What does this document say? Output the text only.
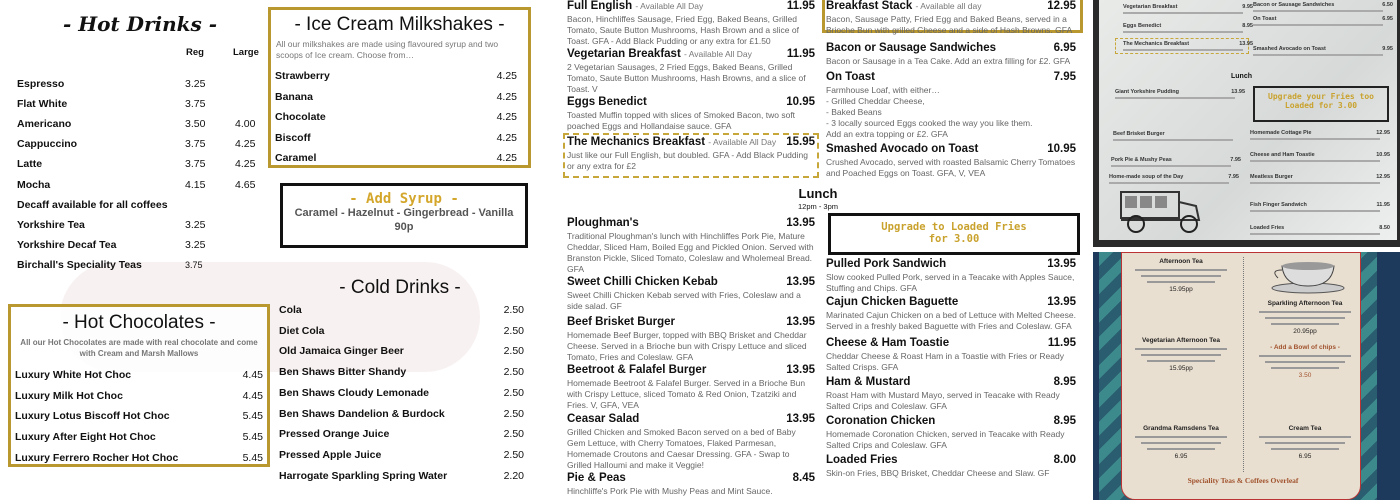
- Hot Drinks -
Reg	Large
- Ice Cream Milkshakes -
All our milkshakes are made using flavoured syrup and two scoops of Ice cream. Choose from…
Strawberry	4.25
Banana	4.25
Chocolate	4.25
Biscoff	4.25
Caramel	4.25
- Add Syrup -
Caramel - Hazelnut - Gingerbread - Vanilla
90p
- Cold Drinks -
- Hot Chocolates -
All our Hot Chocolates are made with real chocolate and come with Cream and Marsh Mallows
Luxury White Hot Choc	4.45
Luxury Milk Hot Choc	4.45
Luxury Lotus Biscoff Hot Choc	5.45
Luxury After Eight Hot Choc	5.45
Luxury Ferrero Rocher Hot Choc	5.45
Espresso	3.25
Flat White	3.75
Americano	3.50	4.00
Cappuccino	3.75	4.25
Latte	3.75	4.25
Mocha	4.15	4.65
Decaff available for all coffees
Yorkshire Tea	3.25
Yorkshire Decaf Tea	3.25
Birchall's Speciality Teas	3.75
Cola	2.50
Diet Cola	2.50
Old Jamaica Ginger Beer	2.50
Ben Shaws Bitter Shandy	2.50
Ben Shaws Cloudy Lemonade	2.50
Ben Shaws Dandelion & Burdock	2.50
Pressed Orange Juice	2.50
Pressed Apple Juice	2.50
Harrogate Sparkling Spring Water	2.20
Lunch
12pm - 3pm
Upgrade to Loaded Fries
for 3.00
Full English - Available All Day	11.95
Bacon, Hinchliffes Sausage, Fried Egg, Baked Beans, Grilled Tomato, Saute Button Mushrooms, Hash Brown and a slice of Toast. GFA - Add Black Pudding or any extra for £1.50
Vegetarian Breakfast - Available All Day	11.95
2 Vegetarian Sausages, 2 Fried Eggs, Baked Beans, Grilled Tomato, Saute Button Mushrooms, Hash Browns, and a slice of Toast. V
Eggs Benedict	10.95
Toasted Muffin topped with slices of Smoked Bacon, two soft poached Eggs and Hollandaise sauce. GFA
The Mechanics Breakfast - Available All Day 15.95
Just like our Full English, but doubled. GFA - Add Black Pudding or any extra for £2
Ploughman's	13.95
Traditional Ploughman's lunch with Hinchliffes Pork Pie, Mature Cheddar, Sliced Ham, Boiled Egg and Pickled Onion. Served with Branston Pickle, Sliced Tomato, Coleslaw and Wholemeal Bread. GFA
Sweet Chilli Chicken Kebab	13.95
Sweet Chilli Chicken Kebab served with Fries, Coleslaw and a side salad. GF
Beef Brisket Burger	13.95
Homemade Beef Burger, topped with BBQ Brisket and Cheddar Cheese. Served in a Brioche bun with Crispy Lettuce and sliced Tomato, Fries and Coleslaw. GFA
Beetroot & Falafel Burger	13.95
Homemade Beetroot & Falafel Burger. Served in a Brioche Bun with Crispy Lettuce, sliced Tomato & Red Onion, Tzatziki and Fries. V, GFA, VEA
Ceasar Salad	13.95
Grilled Chicken and Smoked Bacon served on a bed of Baby Gem Lettuce, with Cherry Tomatoes, Flaked Parmesan, Homemade Croutons and Caesar Dressing. GFA - Swap to Grilled Halloumi and make it Veggie!
Pie & Peas	8.45
Hinchliffe's Pork Pie with Mushy Peas and Mint Sauce.
Breakfast Stack - Available all day	12.95
Bacon, Sausage Patty, Fried Egg and Baked Beans, served in a Brioche Bun with grilled Cheese and a side of Hash Browns. GFA
Bacon or Sausage Sandwiches	6.95
Bacon or Sausage in a Tea Cake. Add an extra filling for £2. GFA
On Toast	7.95
Farmhouse Loaf, with either…
- Grilled Cheddar Cheese,
- Baked Beans
- 3 locally sourced Eggs cooked the way you like them.
Add an extra topping or £2. GFA
Smashed Avocado on Toast	10.95
Crushed Avocado, served with roasted Balsamic Cherry Tomatoes and Poached Eggs on Toast. GFA, V, VEA
Pulled Pork Sandwich	13.95
Slow cooked Pulled Pork, served in a Teacake with Apples Sauce, Stuffing and Chips. GFA
Cajun Chicken Baguette	13.95
Marinated Cajun Chicken on a bed of Lettuce with Melted Cheese. Served in a freshly baked Baguette with Fries and Coleslaw. GFA
Cheese & Ham Toastie	11.95
Cheddar Cheese & Roast Ham in a Toastie with Fries or Ready Salted Crisps. GFA
Ham & Mustard	8.95
Roast Ham with Mustard Mayo, served in Teacake with Ready Salted Crips and Coleslaw. GFA
Coronation Chicken	8.95
Homemade Coronation Chicken, served in Teacake with Ready Salted Crips and Coleslaw. GFA
Loaded Fries	8.00
Skin-on Fries, BBQ Brisket, Cheddar Cheese and Slaw. GF
Lunch
Upgrade your Fries too Loaded for 3.00
Vegetarian Breakfast	9.95
Eggs Benedict	8.95
The Mechanics Breakfast	13.95
Bacon or Sausage Sandwiches	6.50
On Toast	6.95
Smashed Avocado on Toast	9.95
Giant Yorkshire Pudding	13.95
Beef Brisket Burger
Pork Pie & Mushy Peas	7.95
Home-made soup of the Day	7.95
Homemade Cottage Pie	12.95
Cheese and Ham Toastie	10.95
Meatless Burger	12.95
Fish Finger Sandwich	11.95
Loaded Fries	8.50
Speciality Teas & Coffees Overleaf
Afternoon Tea
15.95pp
Vegetarian Afternoon Tea
15.95pp
Grandma Ramsdens Tea
6.95
Sparkling Afternoon Tea
20.95pp
- Add a Bowl of chips -
3.50
Cream Tea
6.95
